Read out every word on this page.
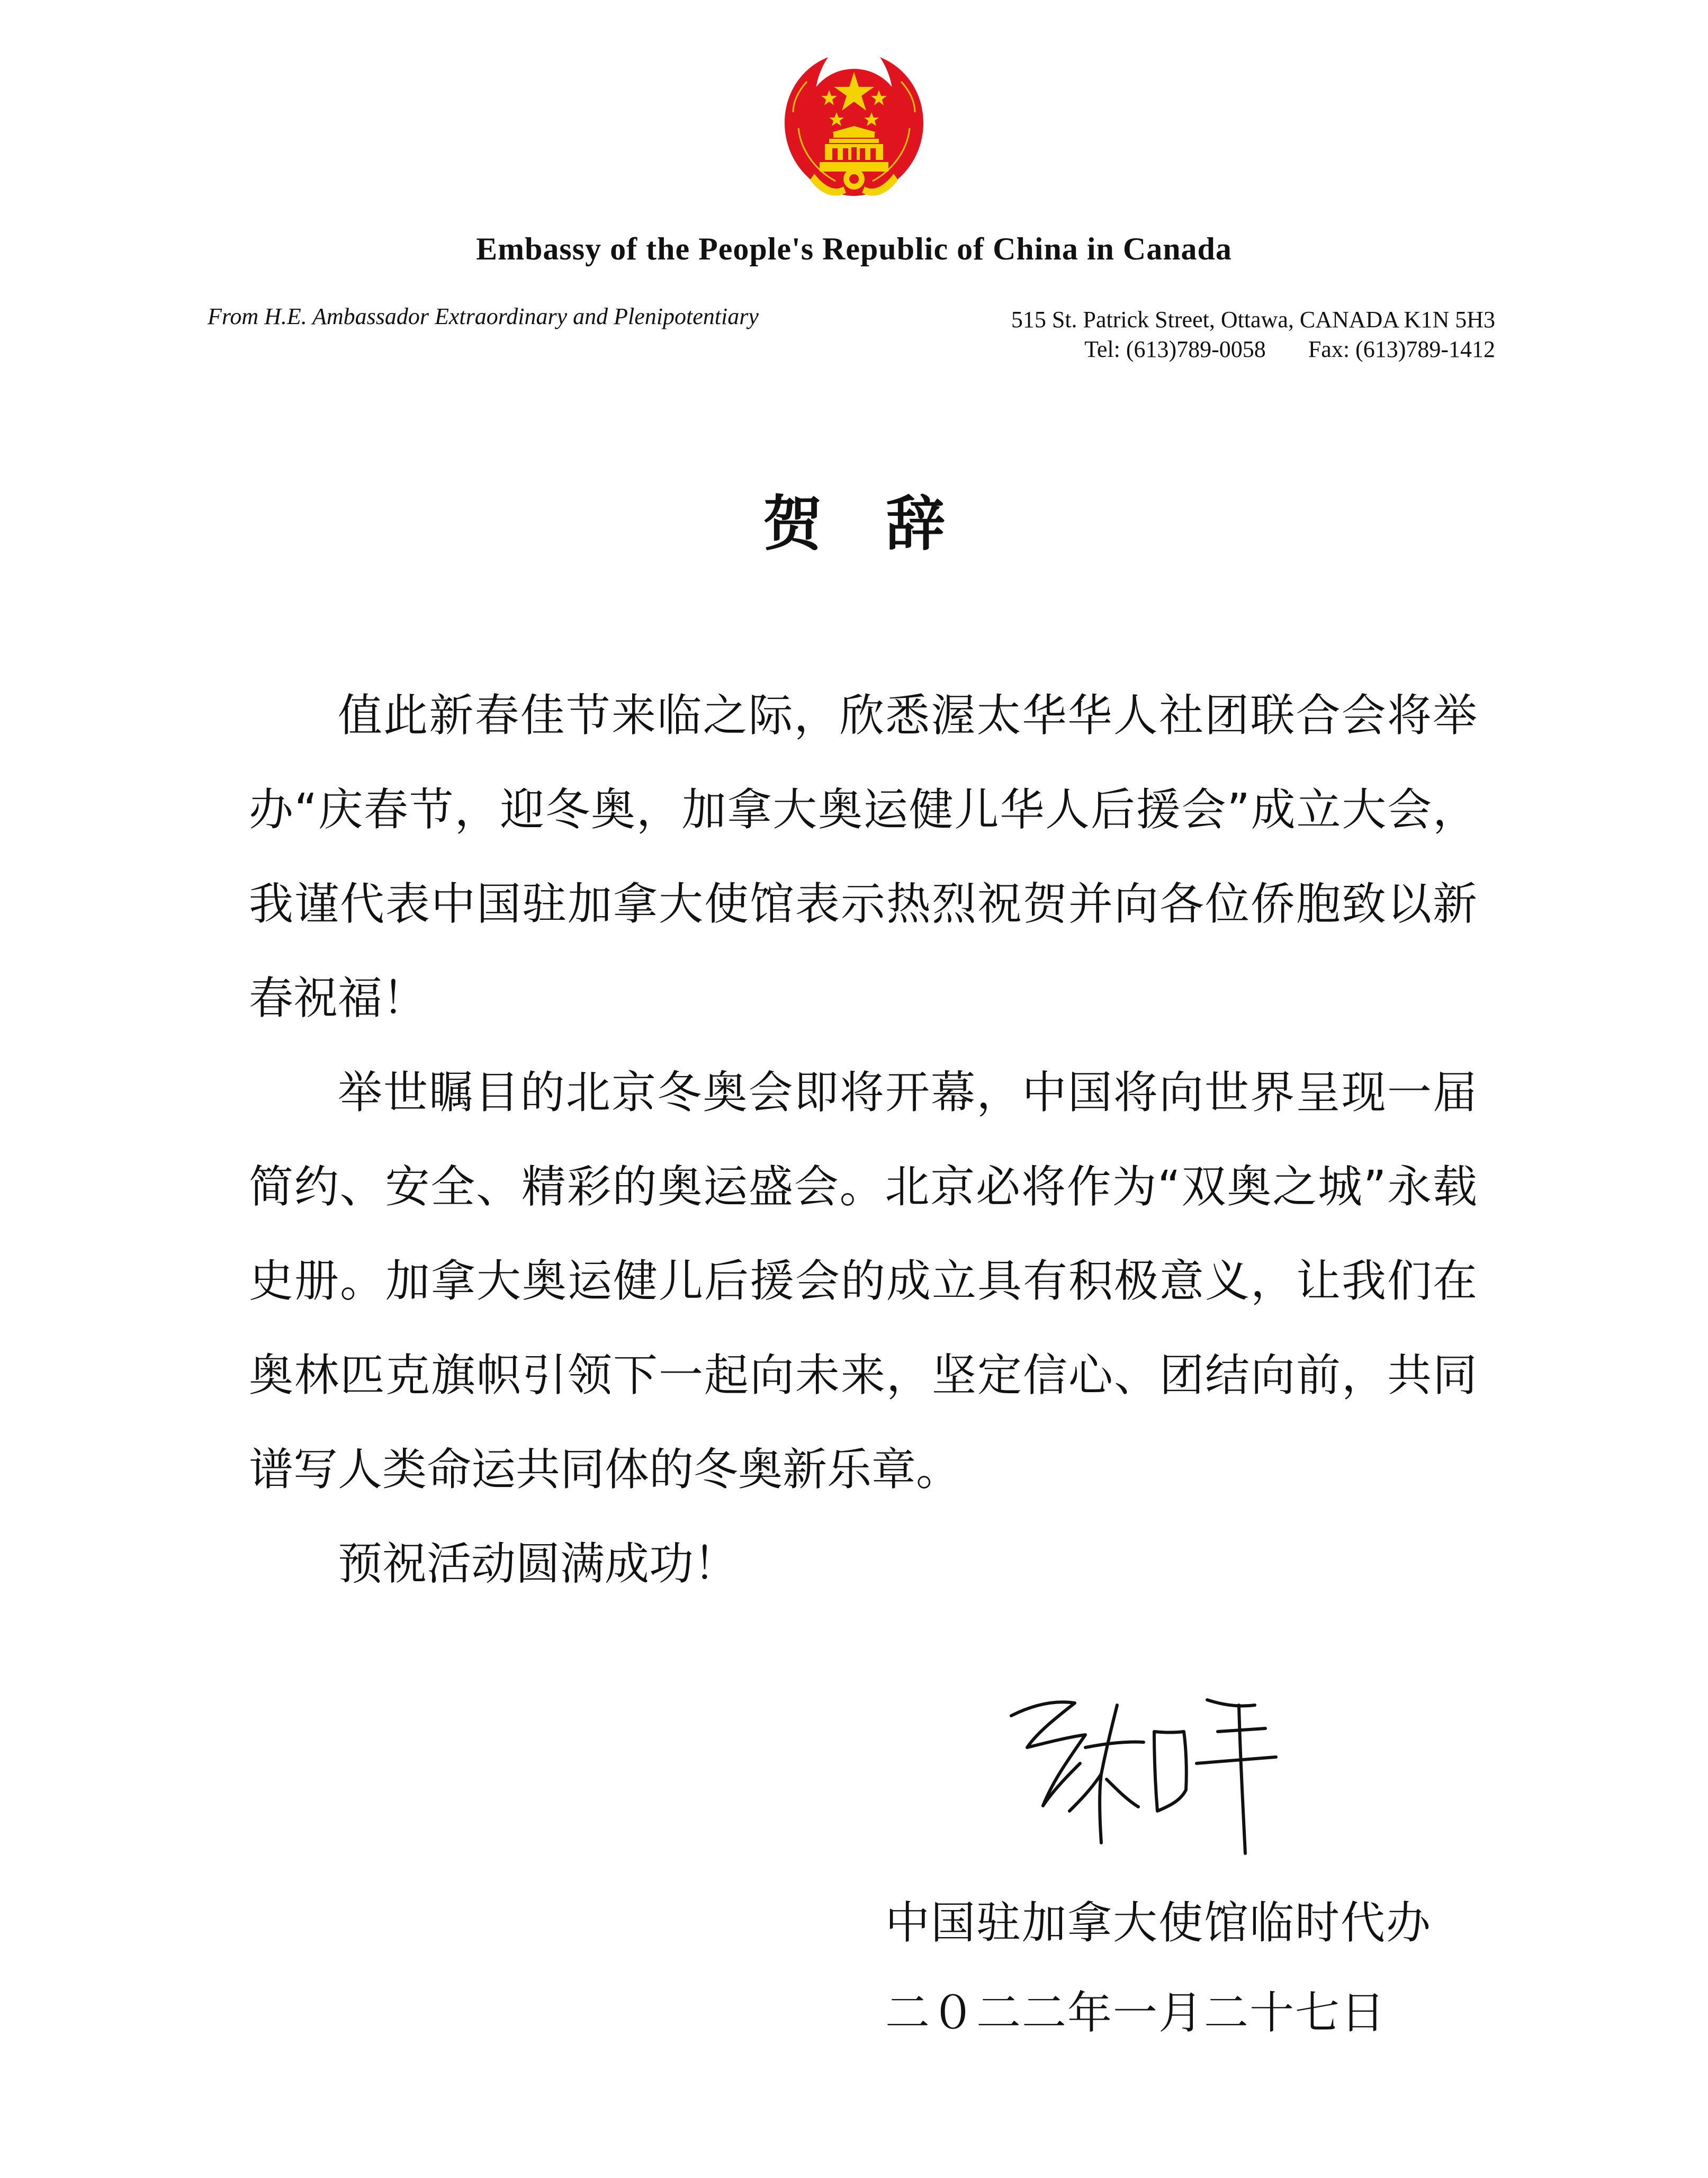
Embassy of the People's Republic of China in Canada
From H.E. Ambassador Extraordinary and Plenipotentiary	515 St. Patrick Street, Ottawa, CANADA K1N 5H3
Tel: (613)789-0058 Fax: (613)789-1412
贺辞

值此新春佳节来临之际，欣悉渥太华华人社团联合会将举办“庆春节，迎冬奥，加拿大奥运健儿华人后援会”成立大会，我谨代表中国驻加拿大使馆表示热烈祝贺并向各位侨胞致以新春祝福！

举世瞩目的北京冬奥会即将开幕，中国将向世界呈现一届简约、安全、精彩的奥运盛会。北京必将作为“双奥之城”永载史册。加拿大奥运健儿后援会的成立具有积极意义，让我们在奥林匹克旗帜引领下一起向未来，坚定信心、团结向前，共同谱写人类命运共同体的冬奥新乐章。

预祝活动圆满成功！

中国驻加拿大使馆临时代办
二０二二年一月二十七日
